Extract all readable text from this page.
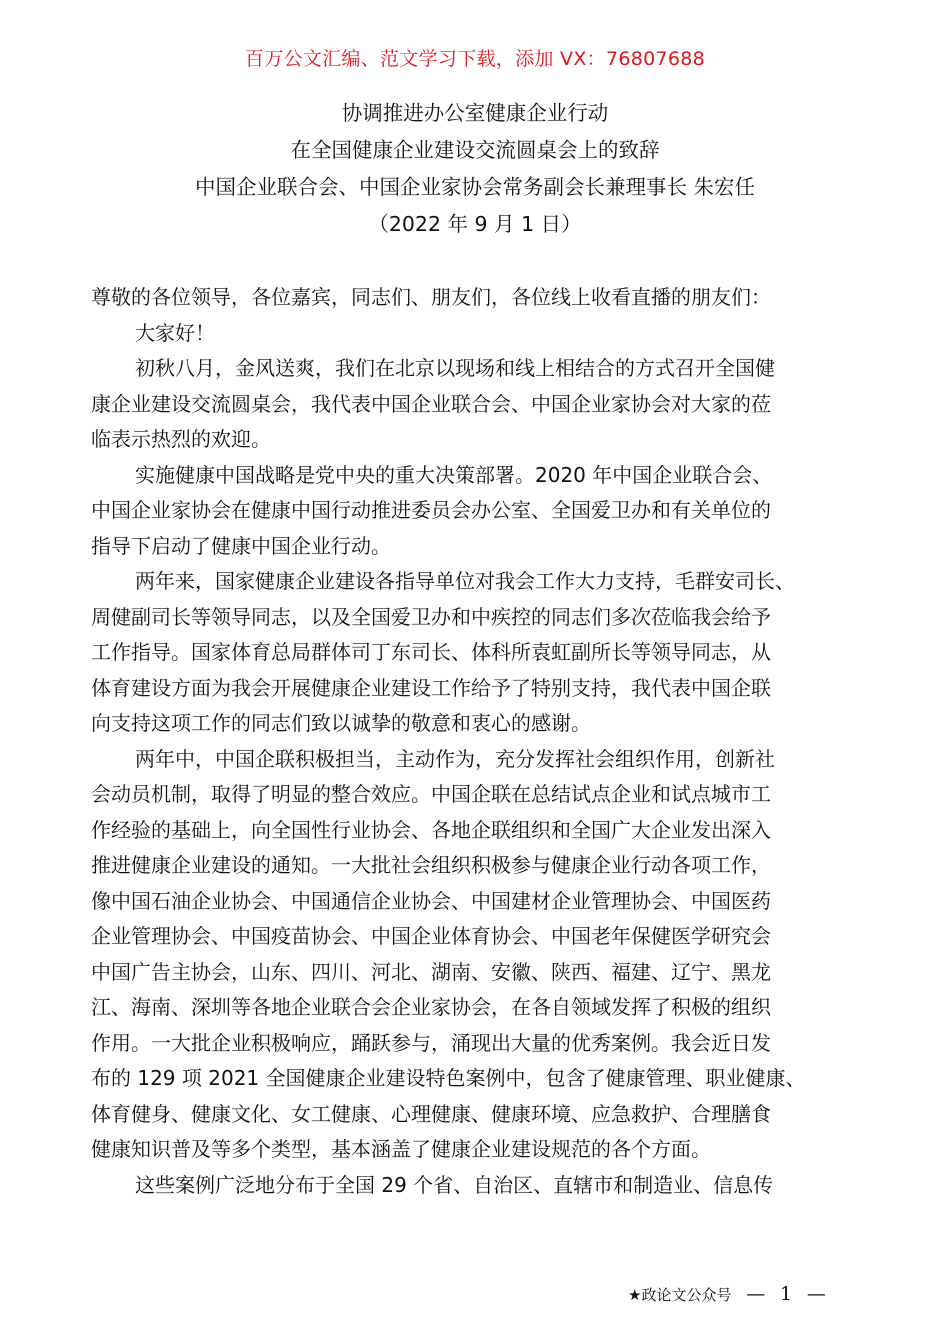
百万公文汇编、范文学习下载，添加 VX：76807688
协调推进办公室健康企业行动
在全国健康企业建设交流圆桌会上的致辞
中国企业联合会、中国企业家协会常务副会长兼理事长 朱宏任
（2022 年 9 月 1 日）
尊敬的各位领导，各位嘉宾，同志们、朋友们，各位线上收看直播的朋友们：
大家好！
初秋八月，金风送爽，我们在北京以现场和线上相结合的方式召开全国健
康企业建设交流圆桌会，我代表中国企业联合会、中国企业家协会对大家的莅
临表示热烈的欢迎。
实施健康中国战略是党中央的重大决策部署。2020 年中国企业联合会、
中国企业家协会在健康中国行动推进委员会办公室、全国爱卫办和有关单位的
指导下启动了健康中国企业行动。
两年来，国家健康企业建设各指导单位对我会工作大力支持，毛群安司长、
周健副司长等领导同志，以及全国爱卫办和中疾控的同志们多次莅临我会给予
工作指导。国家体育总局群体司丁东司长、体科所袁虹副所长等领导同志，从
体育建设方面为我会开展健康企业建设工作给予了特别支持，我代表中国企联
向支持这项工作的同志们致以诚挚的敬意和衷心的感谢。
两年中，中国企联积极担当，主动作为，充分发挥社会组织作用，创新社
会动员机制，取得了明显的整合效应。中国企联在总结试点企业和试点城市工
作经验的基础上，向全国性行业协会、各地企联组织和全国广大企业发出深入
推进健康企业建设的通知。一大批社会组织积极参与健康企业行动各项工作，
像中国石油企业协会、中国通信企业协会、中国建材企业管理协会、中国医药
企业管理协会、中国疫苗协会、中国企业体育协会、中国老年保健医学研究会
中国广告主协会，山东、四川、河北、湖南、安徽、陕西、福建、辽宁、黑龙
江、海南、深圳等各地企业联合会企业家协会，在各自领域发挥了积极的组织
作用。一大批企业积极响应，踊跃参与，涌现出大量的优秀案例。我会近日发
布的 129 项 2021 全国健康企业建设特色案例中，包含了健康管理、职业健康、
体育健身、健康文化、女工健康、心理健康、健康环境、应急救护、合理膳食
健康知识普及等多个类型，基本涵盖了健康企业建设规范的各个方面。
这些案例广泛地分布于全国 29 个省、自治区、直辖市和制造业、信息传
★政论文公众号 — 1 —
